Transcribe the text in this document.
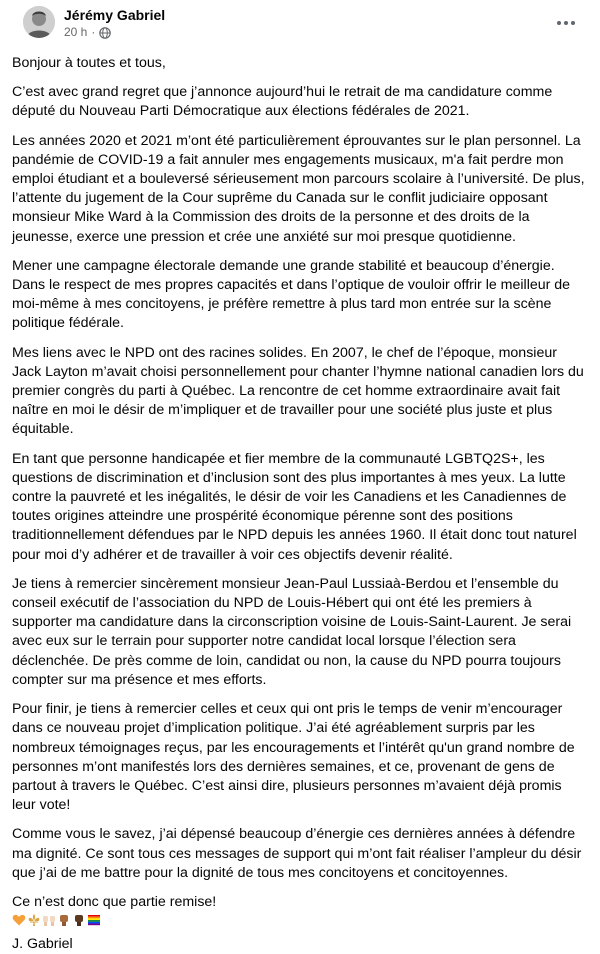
Jérémy Gabriel
20 h ·

Bonjour à toutes et tous,

C’est avec grand regret que j’annonce aujourd’hui le retrait de ma candidature comme député du Nouveau Parti Démocratique aux élections fédérales de 2021.

Les années 2020 et 2021 m’ont été particulièrement éprouvantes sur le plan personnel. La pandémie de COVID-19 a fait annuler mes engagements musicaux, m'a fait perdre mon emploi étudiant et a bouleversé sérieusement mon parcours scolaire à l’université. De plus, l’attente du jugement de la Cour suprême du Canada sur le conflit judiciaire opposant monsieur Mike Ward à la Commission des droits de la personne et des droits de la jeunesse, exerce une pression et crée une anxiété sur moi presque quotidienne.

Mener une campagne électorale demande une grande stabilité et beaucoup d’énergie. Dans le respect de mes propres capacités et dans l’optique de vouloir offrir le meilleur de moi-même à mes concitoyens, je préfère remettre à plus tard mon entrée sur la scène politique fédérale.

Mes liens avec le NPD ont des racines solides. En 2007, le chef de l’époque, monsieur Jack Layton m’avait choisi personnellement pour chanter l’hymne national canadien lors du premier congrès du parti à Québec. La rencontre de cet homme extraordinaire avait fait naître en moi le désir de m’impliquer et de travailler pour une société plus juste et plus équitable.

En tant que personne handicapée et fier membre de la communauté LGBTQ2S+, les questions de discrimination et d’inclusion sont des plus importantes à mes yeux. La lutte contre la pauvreté et les inégalités, le désir de voir les Canadiens et les Canadiennes de toutes origines atteindre une prospérité économique pérenne sont des positions traditionnellement défendues par le NPD depuis les années 1960. Il était donc tout naturel pour moi d’y adhérer et de travailler à voir ces objectifs devenir réalité.

Je tiens à remercier sincèrement monsieur Jean-Paul Lussiaà-Berdou et l’ensemble du conseil exécutif de l’association du NPD de Louis-Hébert qui ont été les premiers à supporter ma candidature dans la circonscription voisine de Louis-Saint-Laurent. Je serai avec eux sur le terrain pour supporter notre candidat local lorsque l’élection sera déclenchée. De près comme de loin, candidat ou non, la cause du NPD pourra toujours compter sur ma présence et mes efforts.

Pour finir, je tiens à remercier celles et ceux qui ont pris le temps de venir m’encourager dans ce nouveau projet d’implication politique. J’ai été agréablement surpris par les nombreux témoignages reçus, par les encouragements et l’intérêt qu'un grand nombre de personnes m’ont manifestés lors des dernières semaines, et ce, provenant de gens de partout à travers le Québec. C’est ainsi dire, plusieurs personnes m’avaient déjà promis leur vote!

Comme vous le savez, j’ai dépensé beaucoup d’énergie ces dernières années à défendre ma dignité. Ce sont tous ces messages de support qui m’ont fait réaliser l’ampleur du désir que j’ai de me battre pour la dignité de tous mes concitoyens et concitoyennes.

Ce n’est donc que partie remise!
J. Gabriel
